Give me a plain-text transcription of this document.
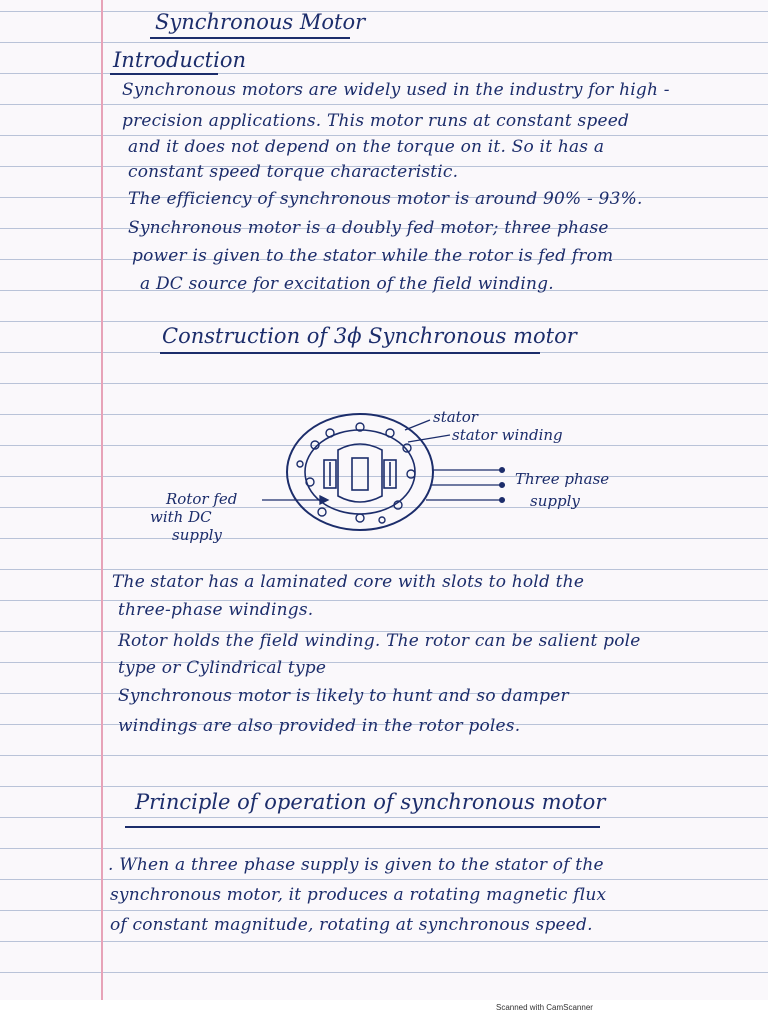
Synchronous Motor

Introduction

Synchronous motors are widely used in the industry for high -

precision applications. This motor runs at constant speed

and it does not depend on the torque on it. So it has a

constant speed torque characteristic.

The efficiency of synchronous motor is around 90% - 93%.

Synchronous motor is a doubly fed motor; three phase

power is given to the stator while the rotor is fed from

a DC source for excitation of the field winding.

Construction of 3ϕ Synchronous motor

stator
stator winding
Three phase
supply
Rotor fed
with DC
supply

The stator has a laminated core with slots to hold the

three-phase windings.

Rotor holds the field winding. The rotor can be salient pole

type or Cylindrical type

Synchronous motor is likely to hunt and so damper

windings are also provided in the rotor poles.

Principle of operation of synchronous motor

. When a three phase supply is given to the stator of the

synchronous motor, it produces a rotating magnetic flux

of constant magnitude, rotating at synchronous speed.

Scanned with CamScanner
